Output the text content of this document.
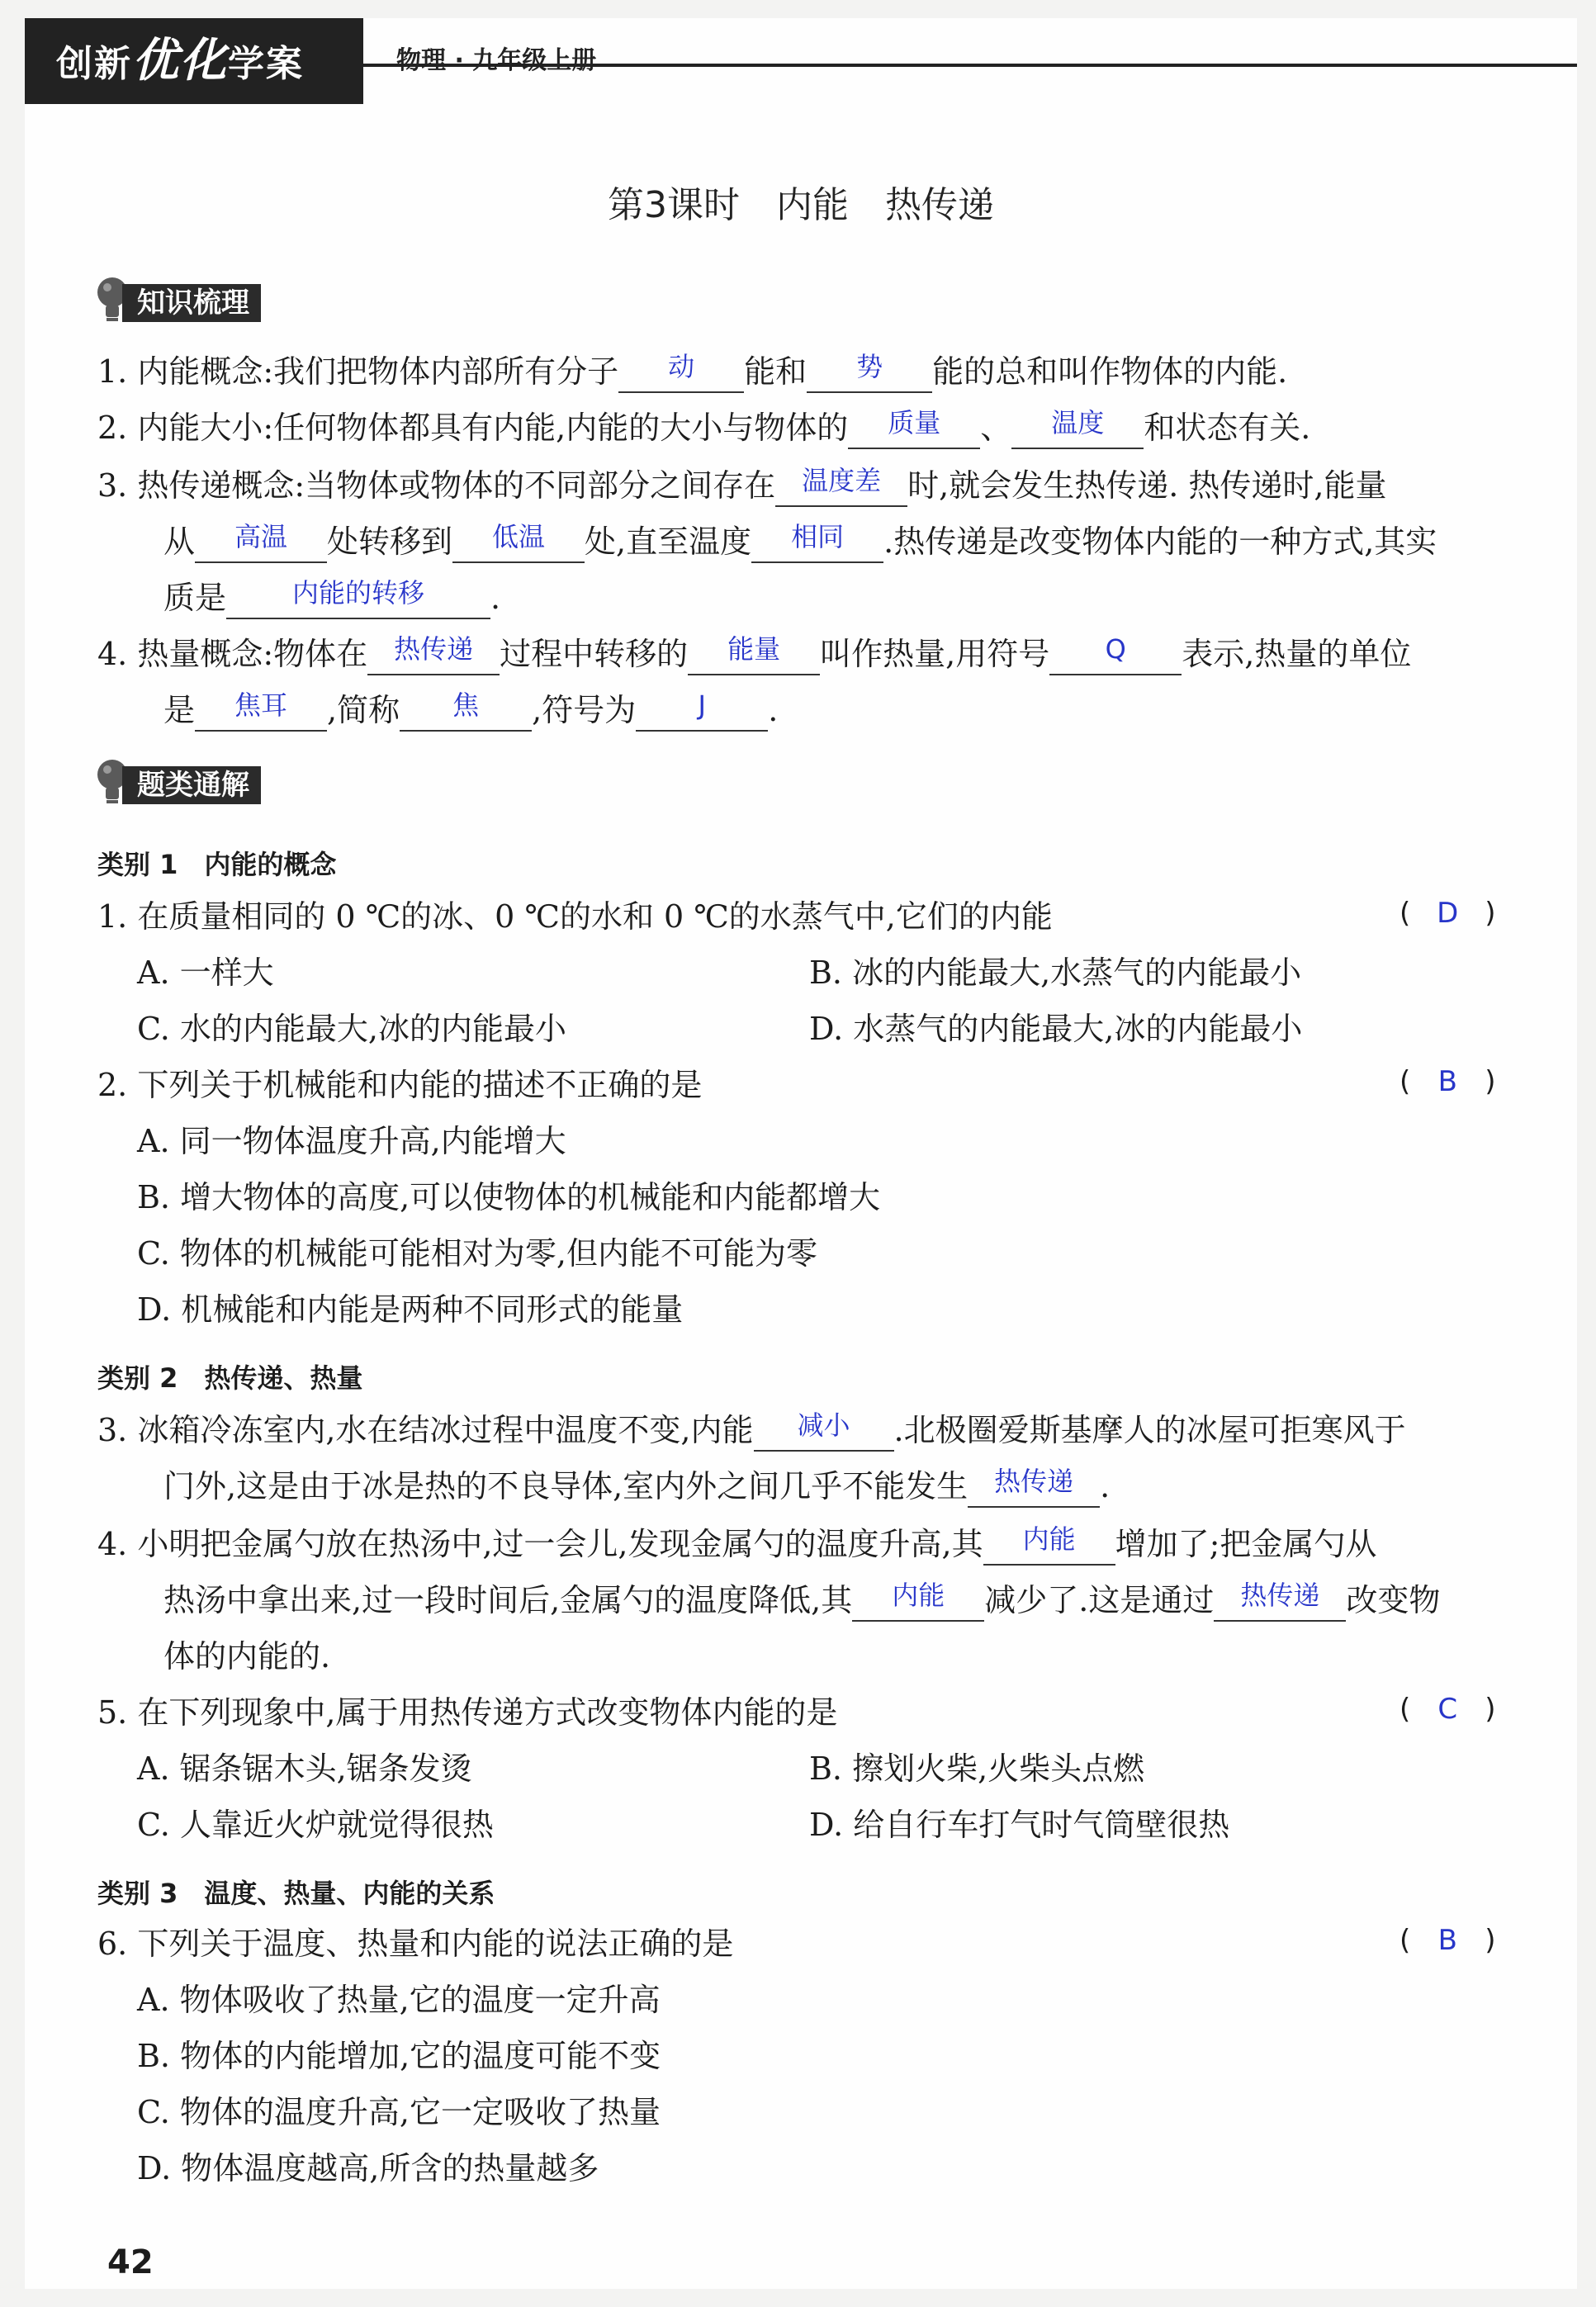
创新优化学案	物理 · 九年级上册
第3课时　内能　热传递
知识梳理
1. 内能概念:我们把物体内部所有分子	动	能和	势	能的总和叫作物体的内能.
2. 内能大小:任何物体都具有内能,内能的大小与物体的	质量	、	温度	和状态有关.
3. 热传递概念:当物体或物体的不同部分之间存在 温度差 时,就会发生热传递. 热传递时,能量
从	高温	处转移到	低温	处,直至温度	相同	.热传递是改变物体内能的一种方式,其实
质是	内能的转移	.
4. 热量概念:物体在 热传递 过程中转移的	能量	叫作热量,用符号	Q	表示,热量的单位
是	焦耳	,简称	焦	,符号为	J	.
题类通解
类别 1　内能的概念
1. 在质量相同的 0 ℃的冰、0 ℃的水和 0 ℃的水蒸气中,它们的内能	( D )
A. 一样大	B. 冰的内能最大,水蒸气的内能最小
C. 水的内能最大,冰的内能最小	D. 水蒸气的内能最大,冰的内能最小
2. 下列关于机械能和内能的描述不正确的是	( B )
A. 同一物体温度升高,内能增大
B. 增大物体的高度,可以使物体的机械能和内能都增大
C. 物体的机械能可能相对为零,但内能不可能为零
D. 机械能和内能是两种不同形式的能量
类别 2　热传递、热量
3. 冰箱冷冻室内,水在结冰过程中温度不变,内能	减小	.北极圈爱斯基摩人的冰屋可拒寒风于
门外,这是由于冰是热的不良导体,室内外之间几乎不能发生 热传递 .
4. 小明把金属勺放在热汤中,过一会儿,发现金属勺的温度升高,其	内能	增加了;把金属勺从
热汤中拿出来,过一段时间后,金属勺的温度降低,其	内能	减少了.这是通过 热传递 改变物
体的内能的.
5. 在下列现象中,属于用热传递方式改变物体内能的是	( C )
A. 锯条锯木头,锯条发烫	B. 擦划火柴,火柴头点燃
C. 人靠近火炉就觉得很热	D. 给自行车打气时气筒壁很热
类别 3　温度、热量、内能的关系
6. 下列关于温度、热量和内能的说法正确的是	( B )
A. 物体吸收了热量,它的温度一定升高
B. 物体的内能增加,它的温度可能不变
C. 物体的温度升高,它一定吸收了热量
D. 物体温度越高,所含的热量越多
42
